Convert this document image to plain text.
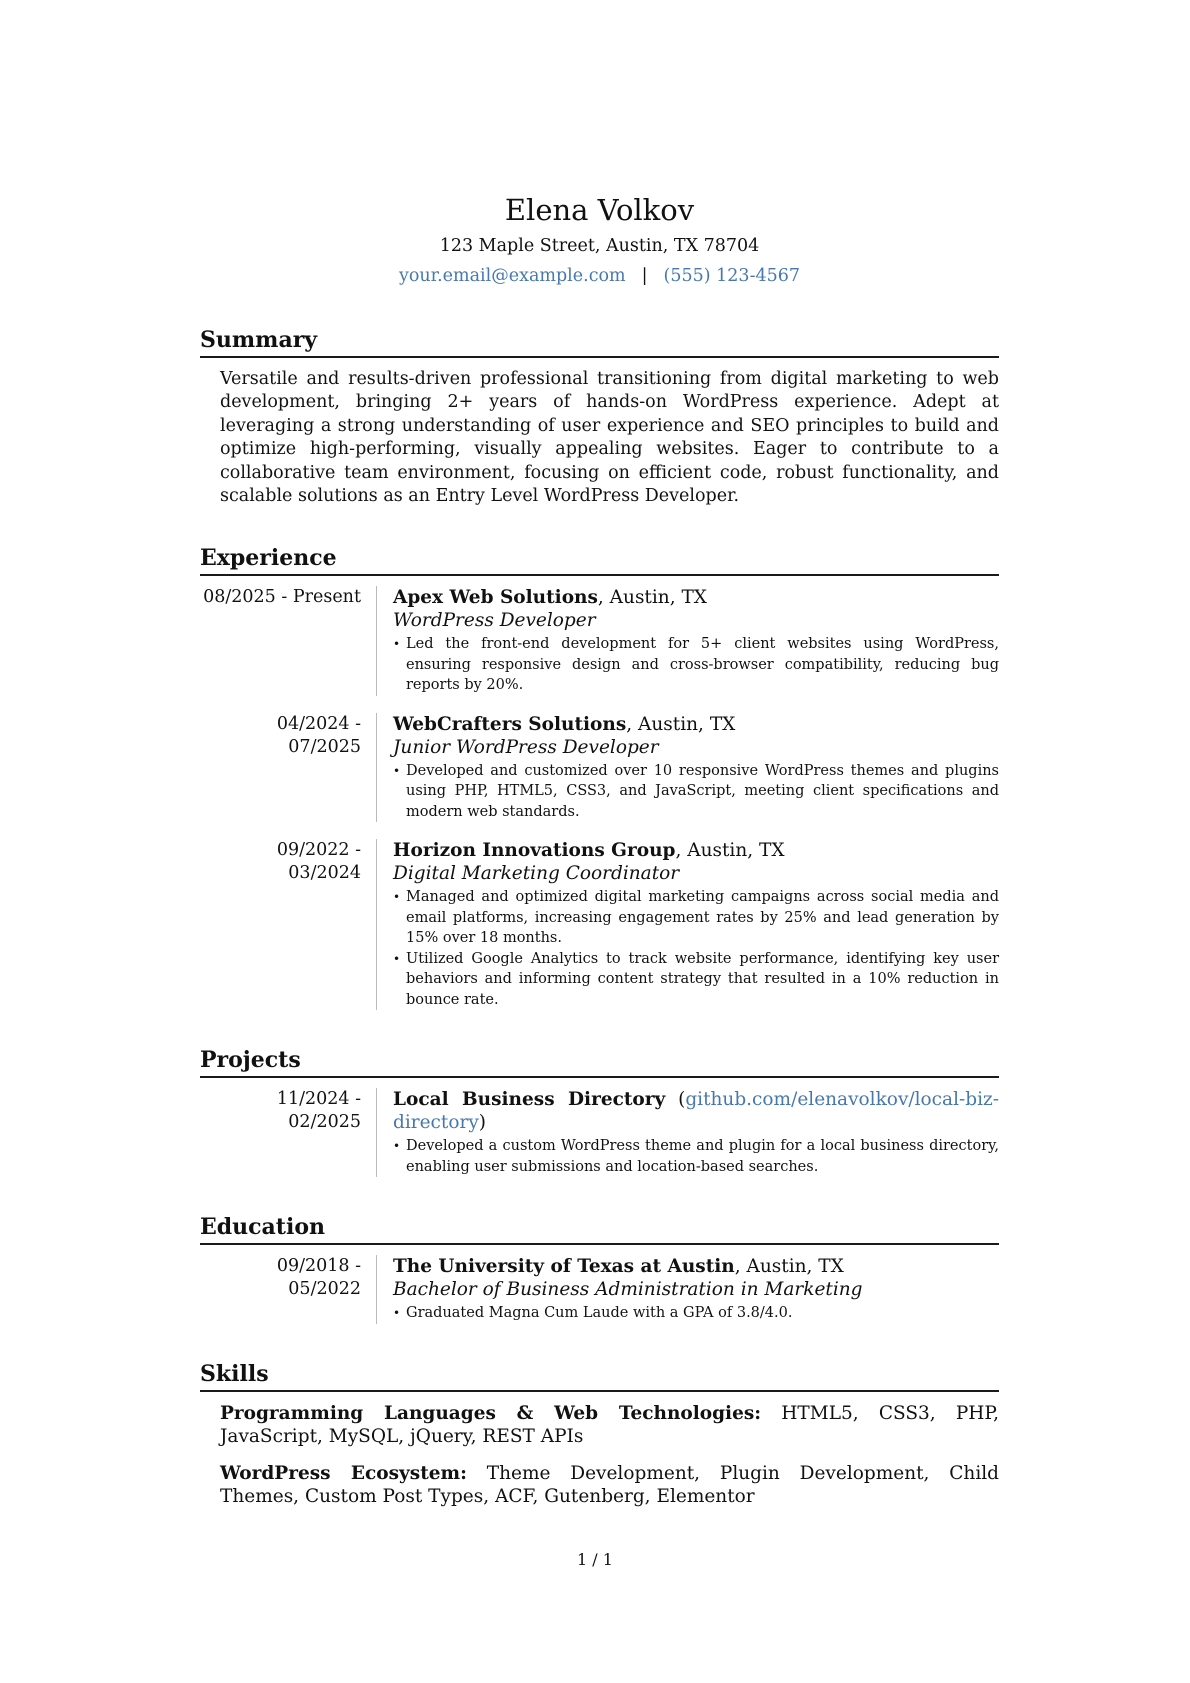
Elena Volkov
123 Maple Street, Austin, TX 78704
your.email@example.com | (555) 123-4567
Summary
Versatile and results-driven professional transitioning from digital marketing to web development, bringing 2+ years of hands-on WordPress experience. Adept at leveraging a strong understanding of user experience and SEO principles to build and optimize high-performing, visually appealing websites. Eager to contribute to a collaborative team environment, focusing on efficient code, robust functionality, and scalable solutions as an Entry Level WordPress Developer.
Experience
08/2025 - Present	Apex Web Solutions, Austin, TX
WordPress Developer
• Led the front-end development for 5+ client websites using WordPress, ensuring responsive design and cross-browser compatibility, reducing bug reports by 20%.
04/2024 - 07/2025
WebCrafters Solutions, Austin, TX
Junior WordPress Developer
• Developed and customized over 10 responsive WordPress themes and plugins using PHP, HTML5, CSS3, and JavaScript, meeting client specifications and modern web standards.
09/2022 - 03/2024
Horizon Innovations Group, Austin, TX
Digital Marketing Coordinator
• Managed and optimized digital marketing campaigns across social media and email platforms, increasing engagement rates by 25% and lead generation by 15% over 18 months.
• Utilized Google Analytics to track website performance, identifying key user behaviors and informing content strategy that resulted in a 10% reduction in bounce rate.
Projects
11/2024 - 02/2025
Local Business Directory (github.com/elenavolkov/local-biz-directory)
• Developed a custom WordPress theme and plugin for a local business directory, enabling user submissions and location-based searches.
Education
09/2018 - 05/2022
The University of Texas at Austin, Austin, TX
Bachelor of Business Administration in Marketing
• Graduated Magna Cum Laude with a GPA of 3.8/4.0.
Skills
Programming Languages & Web Technologies: HTML5, CSS3, PHP, JavaScript, MySQL, jQuery, REST APIs
WordPress Ecosystem: Theme Development, Plugin Development, Child Themes, Custom Post Types, ACF, Gutenberg, Elementor
1 / 1
